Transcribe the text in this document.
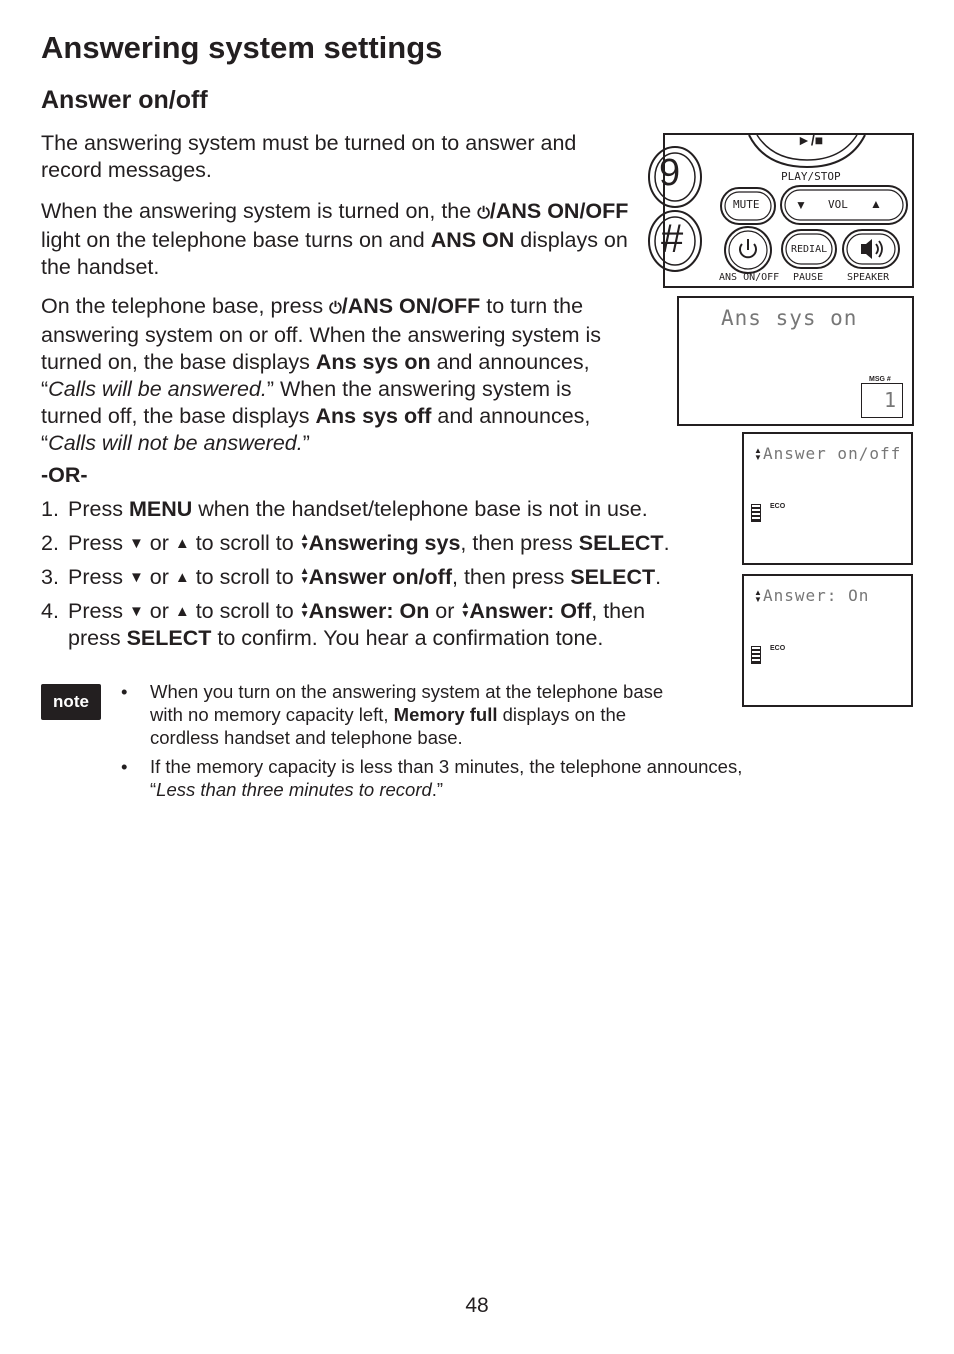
Answering system settings
Answer on/off
The answering system must be turned on to answer and
record messages.
When the answering system is turned on, the ⏻/ANS ON/OFF
light on the telephone base turns on and ANS ON displays on
the handset.
On the telephone base, press ⏻/ANS ON/OFF to turn the
answering system on or off. When the answering system is
turned on, the base displays Ans sys on and announces,
“Calls will be answered.” When the answering system is
turned off, the base displays Ans sys off and announces,
“Calls will not be answered.”
-OR-
1. Press MENU when the handset/telephone base is not in use.
2. Press ▼ or ▲ to scroll to ▲
▼Answering sys, then press SELECT.
3. Press ▼ or ▲ to scroll to ▲
▼Answer on/off, then press SELECT.
4. Press ▼ or ▲ to scroll to ▲
▼Answer: On or ▲
▼Answer: Off, then
press SELECT to confirm. You hear a confirmation tone.
note	• When you turn on the answering system at the telephone base
with no memory capacity left, Memory full displays on the
cordless handset and telephone base.
• If the memory capacity is less than 3 minutes, the telephone announces,
“Less than three minutes to record.”
48
9
#
►/■
PLAY/STOP
MUTE	▼ VOL ▲
REDIAL
ANS ON/OFF PAUSE SPEAKER
Ans sys on
MSG #
1
▲
▼ Answer on/off
ECO
▲
▼ Answer: On
ECO
